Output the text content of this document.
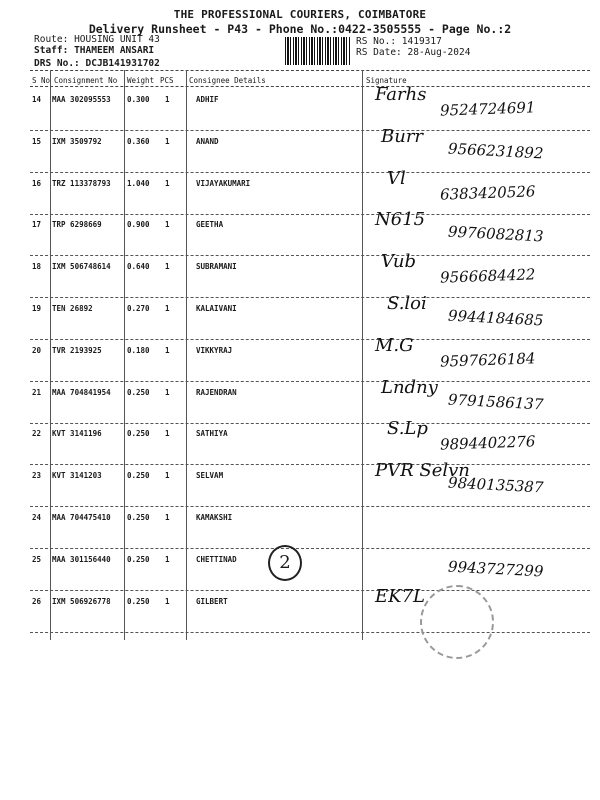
THE PROFESSIONAL COURIERS, COIMBATORE
Delivery Runsheet - P43 - Phone No.:0422-3505555 - Page No.:2
Route: HOUSING UNIT 43
Staff: THAMEEM ANSARI
DRS No.: DCJB141931702
RS No.: 1419317
RS Date: 28-Aug-2024
S No Consignment No Weight PCS Consignee Details	Signature
14 MAA 302095553 0.300 1	ADHIF	Farhs
9524724691
15 IXM 3509792	0.360 1	ANAND	Burr
9566231892
16 TRZ 113378793 1.040 1	VIJAYAKUMARI	Vl
6383420526
17 TRP 6298669	0.900 1	GEETHA	N615
9976082813
18 IXM 506748614 0.640 1	SUBRAMANI	Vub
9566684422
19 TEN 26892	0.270 1	KALAIVANI	S.loi
9944184685
20 TVR 2193925	0.180 1	VIKKYRAJ	M.G
9597626184
21 MAA 704841954 0.250 1	RAJENDRAN	Lndny
9791586137
22 KVT 3141196	0.250 1	SATHIYA	S.Lp
9894402276
23 KVT 3141203	0.250 1	SELVAM	PVR Selvn
9840135387
24 MAA 704475410 0.250 1	KAMAKSHI
25 MAA 301156440 0.250 1	CHETTINAD	9943727299
26 IXM 506926778 0.250 1	GILBERT	EK7L
2
